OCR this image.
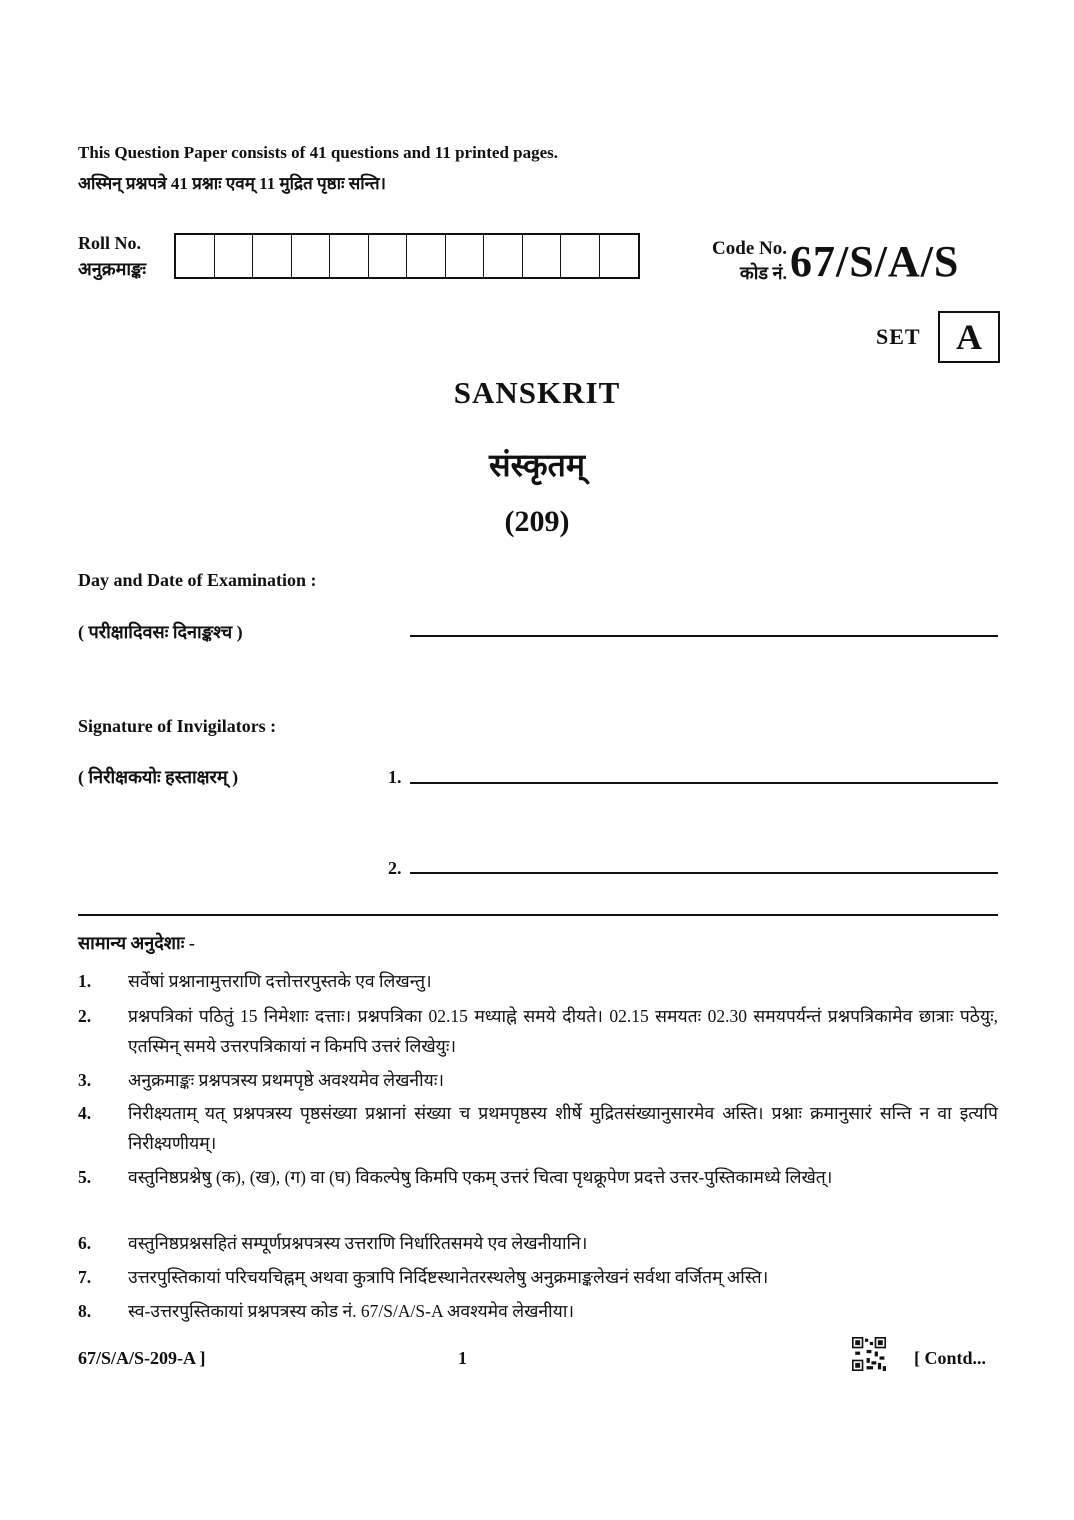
This Question Paper consists of 41 questions and 11 printed pages.
अस्मिन् प्रश्नपत्रे 41 प्रश्नाः एवम् 11 मुद्रित पृष्ठाः सन्ति।
Roll No.
अनुक्रमाङ्कः
Code No.
कोड नं. 67/S/A/S
SET A
SANSKRIT
संस्कृतम्
(209)
Day and Date of Examination :
( परीक्षादिवसः दिनाङ्कश्च )
Signature of Invigilators :
( निरीक्षकयोः हस्ताक्षरम् )	1.
2.
सामान्य अनुदेशाः -
1. सर्वेषां प्रश्नानामुत्तराणि दत्तोत्तरपुस्तके एव लिखन्तु।
2. प्रश्नपत्रिकां पठितुं 15 निमेशाः दत्ताः। प्रश्नपत्रिका 02.15 मध्याह्ने समये दीयते। 02.15 समयतः 02.30 समयपर्यन्तं प्रश्नपत्रिकामेव छात्राः पठेयुः, एतस्मिन् समये उत्तरपत्रिकायां न किमपि उत्तरं लिखेयुः।
3. अनुक्रमाङ्कः प्रश्नपत्रस्य प्रथमपृष्ठे अवश्यमेव लेखनीयः।
4. निरीक्ष्यताम् यत् प्रश्नपत्रस्य पृष्ठसंख्या प्रश्नानां संख्या च प्रथमपृष्ठस्य शीर्षे मुद्रितसंख्यानुसारमेव अस्ति। प्रश्नाः क्रमानुसारं सन्ति न वा इत्यपि निरीक्ष्यणीयम्।
5. वस्तुनिष्ठप्रश्नेषु (क), (ख), (ग) वा (घ) विकल्पेषु किमपि एकम् उत्तरं चित्वा पृथक्रूपेण प्रदत्ते उत्तर-पुस्तिकामध्ये लिखेत्।
6. वस्तुनिष्ठप्रश्नसहितं सम्पूर्णप्रश्नपत्रस्य उत्तराणि निर्धारितसमये एव लेखनीयानि।
7. उत्तरपुस्तिकायां परिचयचिह्नम् अथवा कुत्रापि निर्दिष्टस्थानेतरस्थलेषु अनुक्रमाङ्कलेखनं सर्वथा वर्जितम् अस्ति।
8. स्व-उत्तरपुस्तिकायां प्रश्नपत्रस्य कोड नं. 67/S/A/S-A अवश्यमेव लेखनीया।
67/S/A/S-209-A ]	1	[ Contd...
